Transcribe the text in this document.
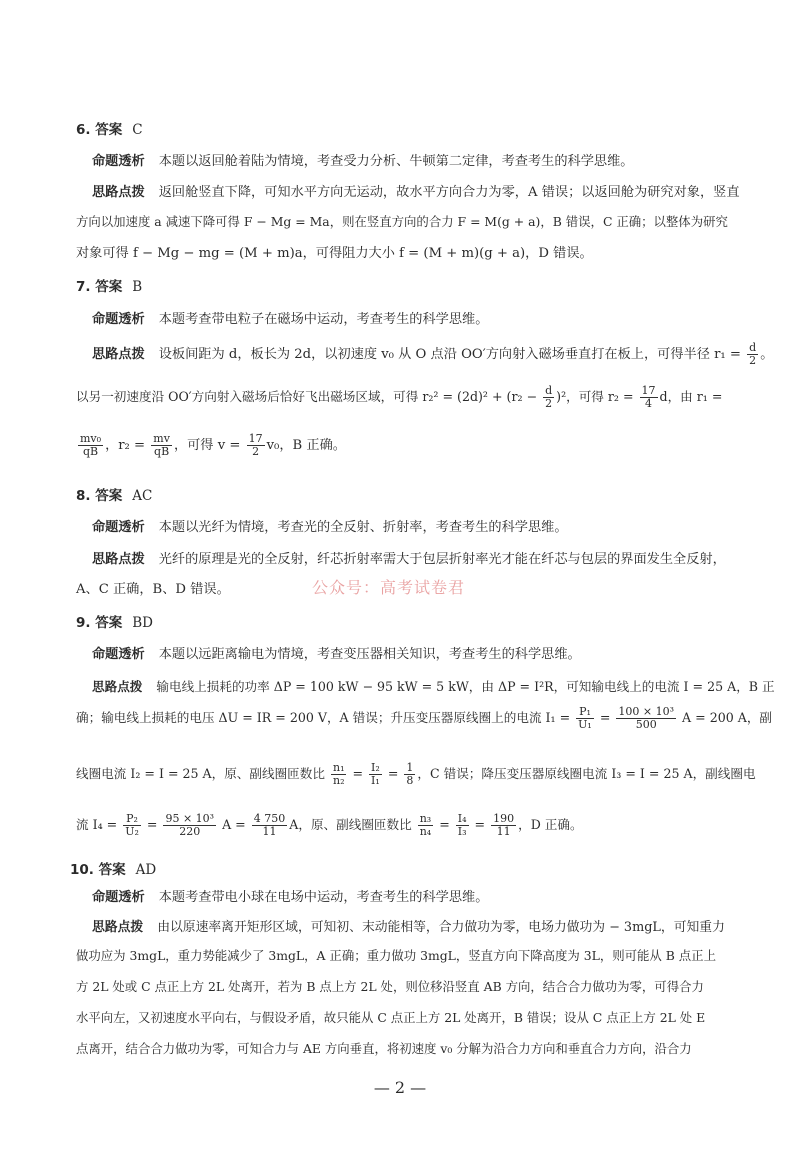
6. 答案 C
命题透析 本题以返回舱着陆为情境，考查受力分析、牛顿第二定律，考查考生的科学思维。
思路点拨 返回舱竖直下降，可知水平方向无运动，故水平方向合力为零，A 错误；以返回舱为研究对象，竖直
方向以加速度 a 减速下降可得 F − Mg = Ma，则在竖直方向的合力 F = M(g + a)，B 错误，C 正确；以整体为研究
对象可得 f − Mg − mg = (M + m)a，可得阻力大小 f = (M + m)(g + a)，D 错误。
7. 答案 B
命题透析 本题考查带电粒子在磁场中运动，考查考生的科学思维。
思路点拨 设板间距为 d，板长为 2d，以初速度 v₀ 从 O 点沿 OO′方向射入磁场垂直打在板上，可得半径 $r_1 = \frac{d}{2}$ 。
以另一初速度沿 OO′方向射入磁场后恰好飞出磁场区域，可得 $r_2^2 = (2d)^2 + (r_2 - \frac{d}{2} )^2$，可得 $r_2 = \frac{17}{4}$ d，由 r₁ =
$\frac{\text{mv₀}}{qB}$ ，$r_2 = \frac{mv}{qB}$ ，可得 $v = \frac{17}{2} v_0$，B 正确。
8. 答案 AC
命题透析 本题以光纤为情境，考查光的全反射、折射率，考查考生的科学思维。
思路点拨 光纤的原理是光的全反射，纤芯折射率需大于包层折射率光才能在纤芯与包层的界面发生全反射，
A、C 正确，B、D 错误。	公众号：高考试卷君
9. 答案 BD
命题透析 本题以远距离输电为情境，考查变压器相关知识，考查考生的科学思维。
思路点拨 输电线上损耗的功率 ΔP = 100 kW − 95 kW = 5 kW，由 ΔP = I²R，可知输电线上的电流 I = 25 A，B 正
确；输电线上损耗的电压 ΔU = IR = 200 V，A 错误；升压变压器原线圈上的电流 $I_1 = \frac{\text{P₁}}{\text{U₁}} = \frac{\text{100 × 10³}}{500}$ A = 200 A，副
线圈电流 I₂ = I = 25 A，原、副线圈匝数比 $\frac{\text{n₁}}{\text{n₂}} = \frac{\text{I₂}}{\text{I₁}} = \frac{1}{8}$ ，C 错误；降压变压器原线圈电流 I₃ = I = 25 A，副线圈电
流 $I_4 = \frac{\text{P₂}}{\text{U₂}} = \frac{\text{95 × 10³}}{220}$ $A = \frac{4 750}{11}$ A，原、副线圈匝数比 $\frac{\text{n₃}}{\text{n₄}} = \frac{\text{I₄}}{\text{I₃}} = \frac{190}{11}$ ，D 正确。
10. 答案 AD
命题透析 本题考查带电小球在电场中运动，考查考生的科学思维。
思路点拨 由以原速率离开矩形区域，可知初、末动能相等，合力做功为零，电场力做功为 − 3mgL，可知重力
做功应为 3mgL，重力势能减少了 3mgL，A 正确；重力做功 3mgL，竖直方向下降高度为 3L，则可能从 B 点正上
方 2L 处或 C 点正上方 2L 处离开，若为 B 点上方 2L 处，则位移沿竖直 AB 方向，结合合力做功为零，可得合力
水平向左，又初速度水平向右，与假设矛盾，故只能从 C 点正上方 2L 处离开，B 错误；设从 C 点正上方 2L 处 E
点离开，结合合力做功为零，可知合力与 AE 方向垂直，将初速度 v₀ 分解为沿合力方向和垂直合力方向，沿合力
— 2 —
